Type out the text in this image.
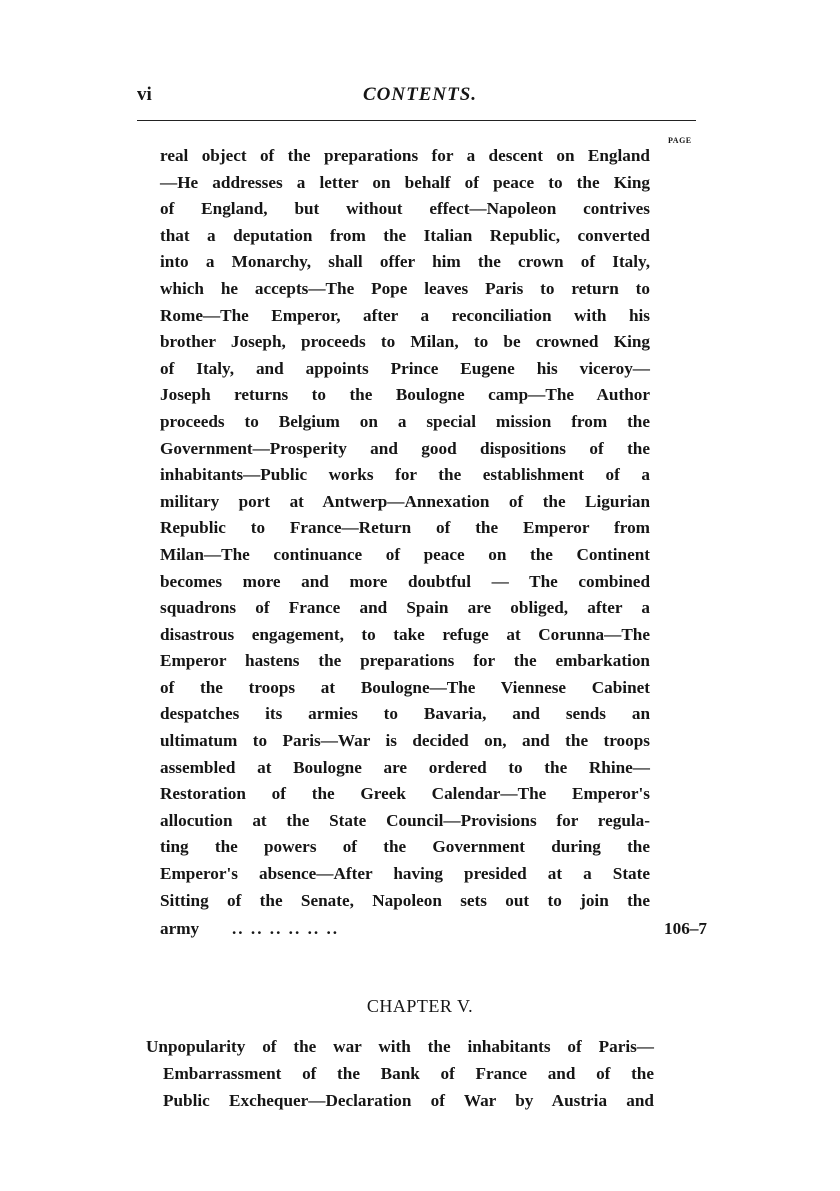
vi	CONTENTS.
PAGE
real object of the preparations for a descent on England
—He addresses a letter on behalf of peace to the King
of England, but without effect—Napoleon contrives
that a deputation from the Italian Republic, converted
into a Monarchy, shall offer him the crown of Italy,
which he accepts—The Pope leaves Paris to return to
Rome—The Emperor, after a reconciliation with his
brother Joseph, proceeds to Milan, to be crowned King
of Italy, and appoints Prince Eugene his viceroy—
Joseph returns to the Boulogne camp—The Author
proceeds to Belgium on a special mission from the
Government—Prosperity and good dispositions of the
inhabitants—Public works for the establishment of a
military port at Antwerp—Annexation of the Ligurian
Republic to France—Return of the Emperor from
Milan—The continuance of peace on the Continent
becomes more and more doubtful — The combined
squadrons of France and Spain are obliged, after a
disastrous engagement, to take refuge at Corunna—The
Emperor hastens the preparations for the embarkation
of the troops at Boulogne—The Viennese Cabinet
despatches its armies to Bavaria, and sends an
ultimatum to Paris—War is decided on, and the troops
assembled at Boulogne are ordered to the Rhine—
Restoration of the Greek Calendar—The Emperor's
allocution at the State Council—Provisions for regula-
ting the powers of the Government during the
Emperor's absence—After having presided at a State
Sitting of the Senate, Napoleon sets out to join the
army .. .. .. .. .. ..	106–7
CHAPTER V.
Unpopularity of the war with the inhabitants of Paris—
Embarrassment of the Bank of France and of the
Public Exchequer—Declaration of War by Austria and
